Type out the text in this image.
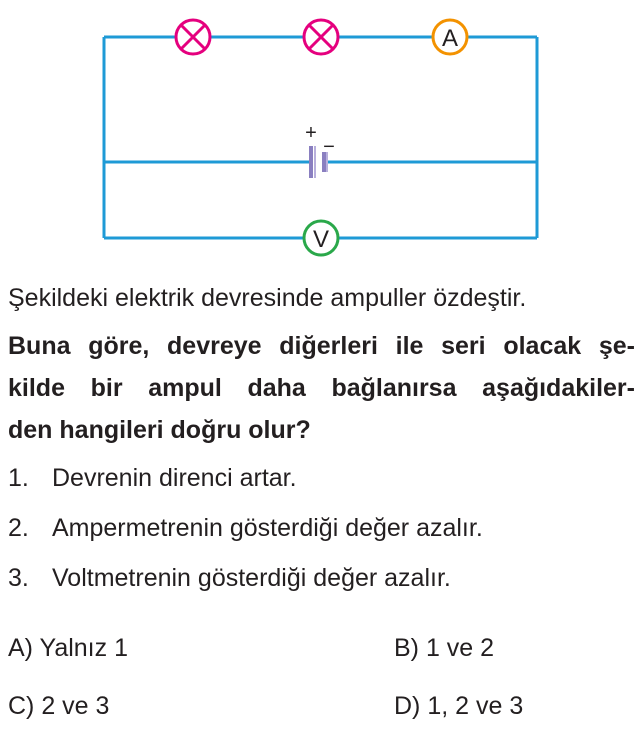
A
+
−
V
Şekildeki elektrik devresinde ampuller özdeştir.
Buna göre, devreye diğerleri ile seri olacak şe-
kilde bir ampul daha bağlanırsa aşağıdakiler-
den hangileri doğru olur?
1. Devrenin direnci artar.
2. Ampermetrenin gösterdiği değer azalır.
3. Voltmetrenin gösterdiği değer azalır.
A) Yalnız 1	B) 1 ve 2
C) 2 ve 3	D) 1, 2 ve 3
